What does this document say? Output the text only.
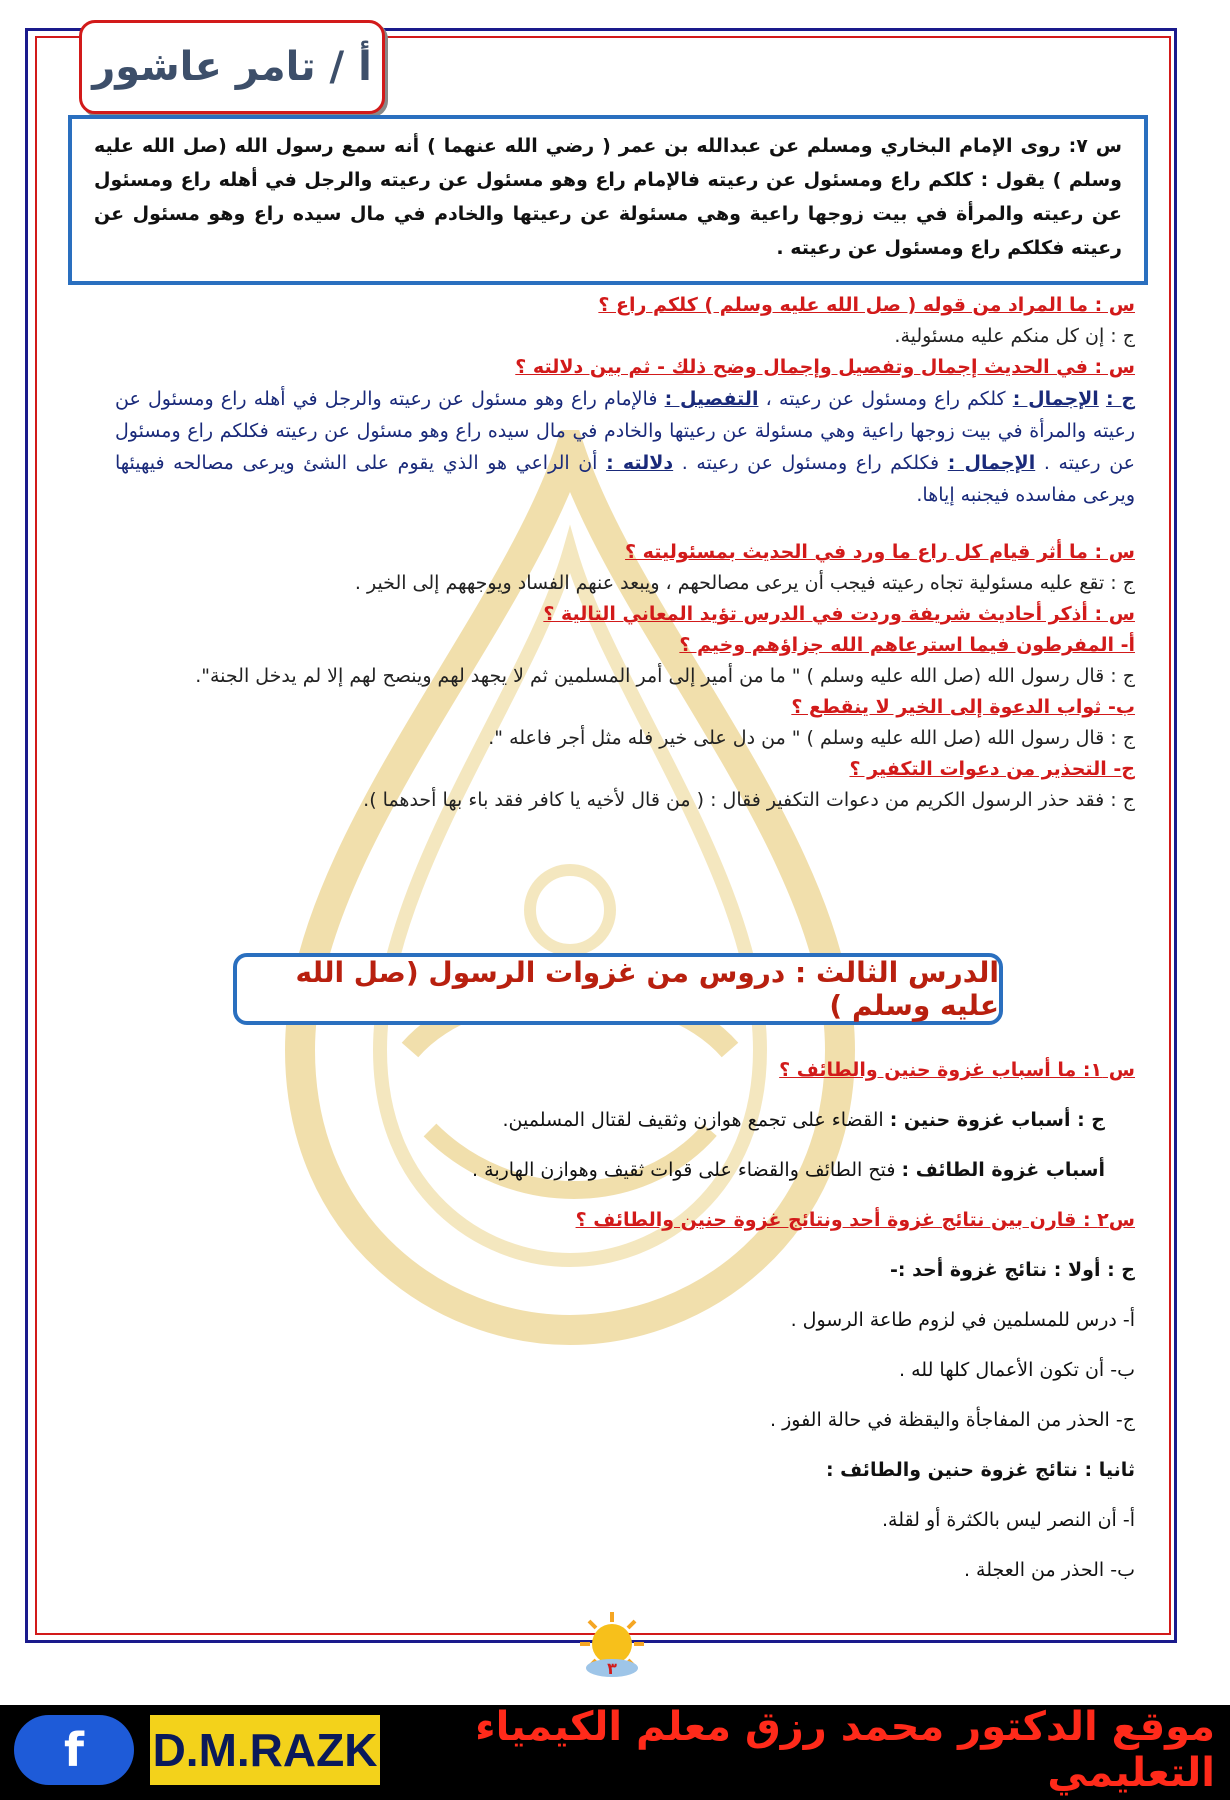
أ / تامر عاشور
س ٧: روى الإمام البخاري ومسلم عن عبدالله بن عمر ( رضي الله عنهما ) أنه سمع رسول الله (صل الله عليه وسلم ) يقول : كلكم راع ومسئول عن رعيته فالإمام راع وهو مسئول عن رعيته والرجل في أهله راع ومسئول عن رعيته والمرأة في بيت زوجها راعية وهي مسئولة عن رعيتها والخادم في مال سيده راع وهو مسئول عن رعيته فكلكم راع ومسئول عن رعيته .
س : ما المراد من قوله ( صل الله عليه وسلم ) كلكم راع ؟
ج : إن كل منكم عليه مسئولية.
س : في الحديث إجمال وتفصيل وإجمال وضح ذلك - ثم بين دلالته ؟
ج : الإجمال : كلكم راع ومسئول عن رعيته ، التفصيل : فالإمام راع وهو مسئول عن رعيته والرجل في أهله راع ومسئول عن رعيته والمرأة في بيت زوجها راعية وهي مسئولة عن رعيتها والخادم في مال سيده راع وهو مسئول عن رعيته فكلكم راع ومسئول عن رعيته . الإجمال : فكلكم راع ومسئول عن رعيته . دلالته : أن الراعي هو الذي يقوم على الشئ ويرعى مصالحه فيهيئها ويرعى مفاسده فيجنبه إياها.
س : ما أثر قيام كل راع ما ورد في الحديث بمسئوليته ؟
ج : تقع عليه مسئولية تجاه رعيته فيجب أن يرعى مصالحهم ، ويبعد عنهم الفساد ويوجههم إلى الخير .
س : أذكر أحاديث شريفة وردت في الدرس تؤيد المعاني التالية ؟
أ- المفرطون فيما استرعاهم الله جزاؤهم وخيم ؟
ج : قال رسول الله (صل الله عليه وسلم ) " ما من أمير إلى أمر المسلمين ثم لا يجهد لهم وينصح لهم إلا لم يدخل الجنة".
ب- ثواب الدعوة إلى الخير لا ينقطع ؟
ج : قال رسول الله (صل الله عليه وسلم ) " من دل على خير فله مثل أجر فاعله ".
ج- التحذير من دعوات التكفير ؟
ج : فقد حذر الرسول الكريم من دعوات التكفير فقال : ( من قال لأخيه يا كافر فقد باء بها أحدهما ).
الدرس الثالث : دروس من غزوات الرسول (صل الله عليه وسلم )
س ١: ما أسباب غزوة حنين والطائف ؟
ج : أسباب غزوة حنين : القضاء على تجمع هوازن وثقيف لقتال المسلمين.
أسباب غزوة الطائف : فتح الطائف والقضاء على قوات ثقيف وهوازن الهاربة .
س٢ : قارن بين نتائج غزوة أحد ونتائج غزوة حنين والطائف ؟
ج : أولا : نتائج غزوة أحد :-
أ- درس للمسلمين في لزوم طاعة الرسول .
ب- أن تكون الأعمال كلها لله .
ج- الحذر من المفاجأة واليقظة في حالة الفوز .
ثانيا : نتائج غزوة حنين والطائف :
أ- أن النصر ليس بالكثرة أو لقلة.
ب- الحذر من العجلة .
٣
f D.M.RAZK	موقع الدكتور محمد رزق معلم الكيمياء التعليمي
